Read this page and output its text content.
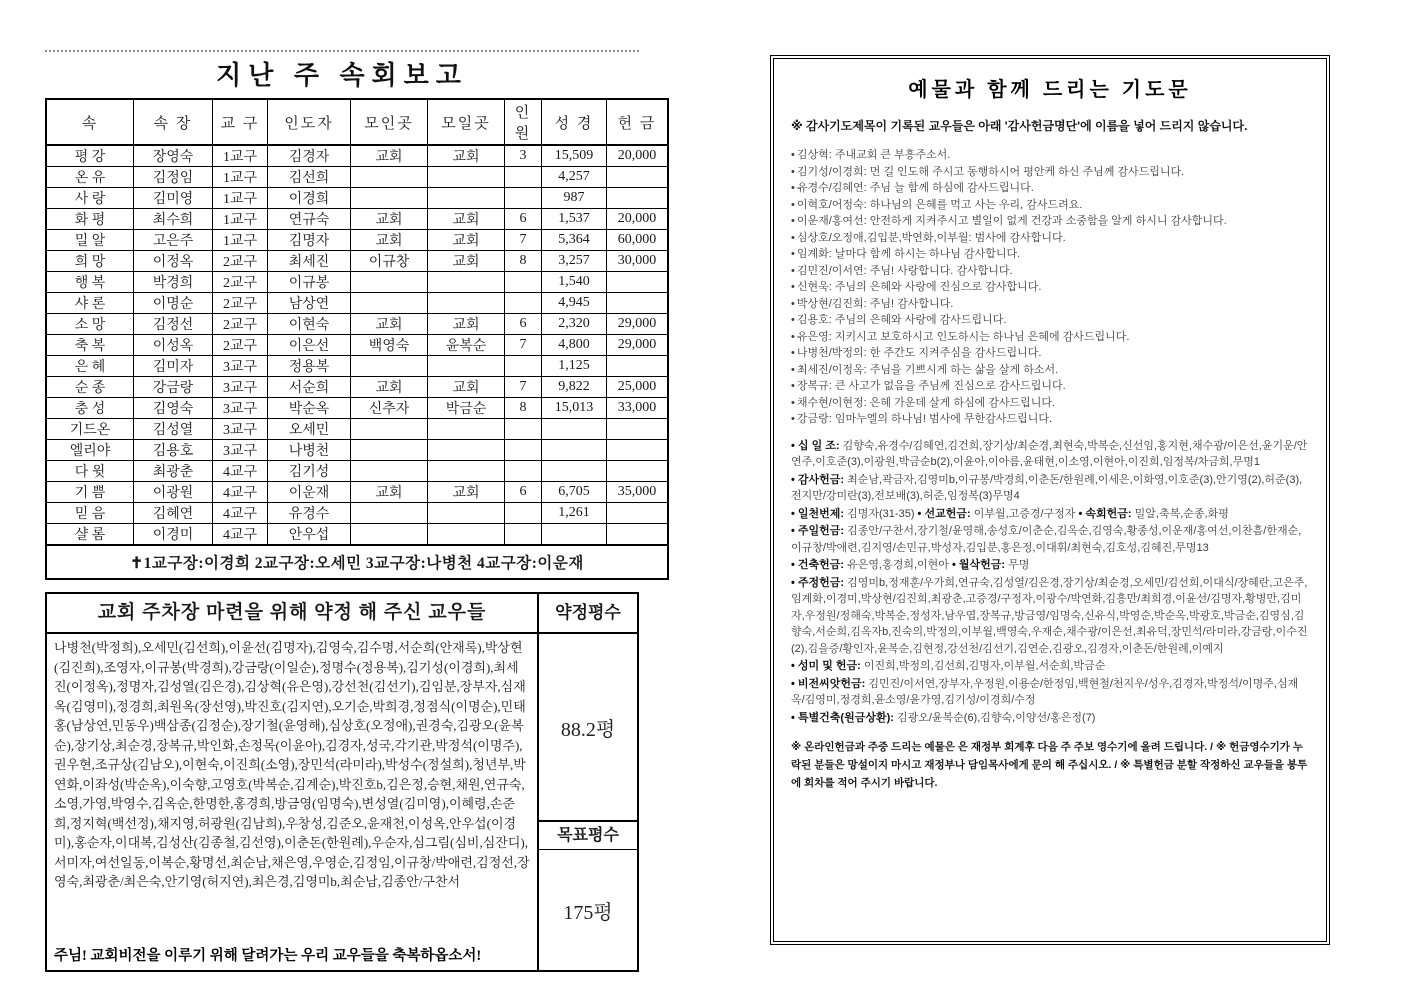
지난 주 속회보고
속	속 장	교 구	인도자	모인곳	모일곳	인 원	성 경	헌 금
평 강	장영숙	1교구	김경자	교회	교회	3	15,509	20,000
온 유	김정임	1교구	김선희				4,257	
사 랑	김미영	1교구	이경희				987	
화 평	최수희	1교구	연규숙	교회	교회	6	1,537	20,000
밀 알	고은주	1교구	김명자	교회	교회	7	5,364	60,000
희 망	이정옥	2교구	최세진	이규창	교회	8	3,257	30,000
행 복	박경희	2교구	이규봉				1,540	
샤 론	이명순	2교구	남상연				4,945	
소 망	김정선	2교구	이현숙	교회	교회	6	2,320	29,000
축 복	이성옥	2교구	이은선	백영숙	윤복순	7	4,800	29,000
은 혜	김미자	3교구	정용복				1,125	
순 종	강금랑	3교구	서순희	교회	교회	7	9,822	25,000
충 성	김영숙	3교구	박순옥	신추자	박금순	8	15,013	33,000
기드온	김성열	3교구	오세민					
엘리야	김용호	3교구	나병천					
다 윗	최광춘	4교구	김기성					
기 쁨	이광원	4교구	이운재	교회	교회	6	6,705	35,000
믿 음	김혜연	4교구	유경수				1,261	
샬 롬	이경미	4교구	안우섭					
✝1교구장:이경희 2교구장:오세민 3교구장:나병천 4교구장:이운재								
교회 주차장 마련을 위해 약정 해 주신 교우들

나병천(박정희),오세민(김선희),이윤선(김명자),김영숙,김수명,서순희(안재록),박상현(김진희),조영자,이규봉(박경희),강금랑(이일순),정명수(정용복),김기성(이경희),최세진(이정옥),정명자,김성열(김은경),김상혁(유은영),강선천(김선기),김임분,장부자,심재옥(김영미),정경희,최원옥(장선영),박진호(김지연),오기순,박희경,정점식(이명순),민태홍(남상연,민동우)백삼종(김정순),장기철(윤영해),심상호(오정애),권경숙,김광오(윤복순),장기상,최순경,장복규,박인화,손정목(이윤아),김경자,성국,각기관,박정석(이명주),권우현,조규상(김남오),이현숙,이진희(소영),장민석(라미라),박성수(정설희),청년부,박연화,이좌성(박순옥),이숙향,고영호(박복순,김계순),박진호b,김은정,승현,채원,연규숙,소영,가영,박영수,김옥순,한명한,홍경희,방금영(임명숙),변성열(김미영),이혜령,손준희,정지혁(백선정),채지영,허광원(김남희),우창성,김준오,윤재천,이성옥,안우섭(이경미),홍순자,이대복,김성산(김종철,김선영),이춘돈(한원례),우순자,심그림(심비,심잔디),서미자,여선일동,이복순,황명선,최순남,채은영,우영순,김정임,이규창/박애련,김정선,장영숙,최광춘/최은숙,안기영(허지연),최은경,김영미b,최순남,김종안/구찬서

주님! 교회비전을 이루기 위해 달려가는 우리 교우들을 축복하옵소서!

약정평수
88.2평
목표평수
175평
예물과 함께 드리는 기도문

※ 감사기도제목이 기록된 교우들은 아래 '감사헌금명단'에 이름을 넣어 드리지 않습니다.

• 김상혁: 주내교회 큰 부흥주소서.
• 김기성/이경희: 먼 길 인도해 주시고 동행하시어 평안케 하신 주님께 감사드립니다.
• 유경수/김혜연: 주님 늘 함께 하심에 감사드립니다.
• 이혁호/어정숙: 하나님의 은혜를 먹고 사는 우리, 감사드려요.
• 이운재/홍여선: 안전하게 지켜주시고 별일이 없게 건강과 소중함을 알게 하시니 감사합니다.
• 심상호/오정애,김입분,박연화,이부월: 범사에 감사합니다.
• 임계화: 날마다 함께 하시는 하나님 감사합니다.
• 김민진/이서연: 주님! 사랑합니다. 감사합니다.
• 신현욱: 주님의 은혜와 사랑에 진심으로 감사합니다.
• 박상현/김진희: 주님! 감사합니다.
• 김용호: 주님의 은혜와 사랑에 감사드립니다.
• 유은영: 지키시고 보호하시고 인도하시는 하나님 은혜에 감사드립니다.
• 나병천/박정의: 한 주간도 지켜주심을 감사드립니다.
• 최세진/이정옥: 주님을 기쁘시게 하는 삶을 살게 하소서.
• 장복규: 큰 사고가 없음을 주님께 진심으로 감사드립니다.
• 채수현/이현정: 은혜 가운데 살게 하심에 감사드립니다.
• 강금랑: 임마누엘의 하나님! 범사에 무한감사드립니다.
• 십 일 조: 김향숙,유경수/김혜연,김건희,장기상/최순경,최현숙,박복순,신선임,홍지현,채수광/이은선,윤기운/안연주,이호준(3),이광원,박금순b(2),이윤아,이아름,윤태현,이소영,이현아,이진희,임정복/차금희,무명1
• 감사헌금: 최순남,곽금자,김영미b,이규봉/박경희,이춘돈/한원례,이세은,이화영,이호준(3),안기영(2),허준(3),전지만/강미란(3),전보배(3),허준,임정복(3)무명4
• 일천번제: 김명자(31-35) • 선교헌금: 이부월,고증경/구정자 • 속회헌금: 밀알,축복,순종,화평
• 주일헌금: 김종안/구찬서,장기철/윤영해,송성호/이춘순,김옥순,김영숙,황종성,이운재/홍여선,이찬흠/한재순,이규창/박애련,김지영/손민규,박성자,김입분,홍은정,이대휘/최현숙,김호성,김혜진,무명13
• 건축헌금: 유은영,홍경희,이현아 • 월삭헌금: 무명
• 주정헌금: 김영미b,정재훈/우가희,연규숙,김성열/김은경,장기상/최순경,오세민/김선희,이대식/장혜란,고은주,임계화,이경미,박상현/김진희,최광춘,고증경/구정자,이광수/박연화,김흥만/최희경,이윤선/김명자,황병만,김미자,우정원/정해숙,박복순,정성자,남우엽,장복규,방금영/임명숙,신유식,박영순,박순옥,박광호,박금순,김영심,김향숙,서순희,김옥자b,진숙의,박정의,이부월,백영숙,우재순,채수광/이은선,최유덕,장민석/라미라,강금랑,이수진(2),김을증/황인자,윤복순,김현정,강선천/김선기,김연순,김광오,김경자,이춘돈/한원례,이예지
• 성미 및 헌금: 이진희,박정의,김선희,김명자,이부월,서순희,박금순
• 비전씨앗헌금: 김민진/이서연,장부자,우정원,이용순/한정임,백현철/천지우/성우,김경자,박정석/이명주,심재옥/김영미,정경희,윤소영/윤가영,김기성/이경희/수정
• 특별건축(원금상환): 김광오/윤복순(6),김향숙,이양선/홍은정(7)

※ 온라인헌금과 주중 드리는 예물은 은 재정부 회계후 다음 주 주보 영수기에 올려 드립니다. / ※ 헌금영수기가 누락된 분들은 망설이지 마시고 재정부나 담임목사에게 문의 해 주십시오. / ※ 특별헌금 분할 작정하신 교우들을 봉투에 회차를 적어 주시기 바랍니다.
